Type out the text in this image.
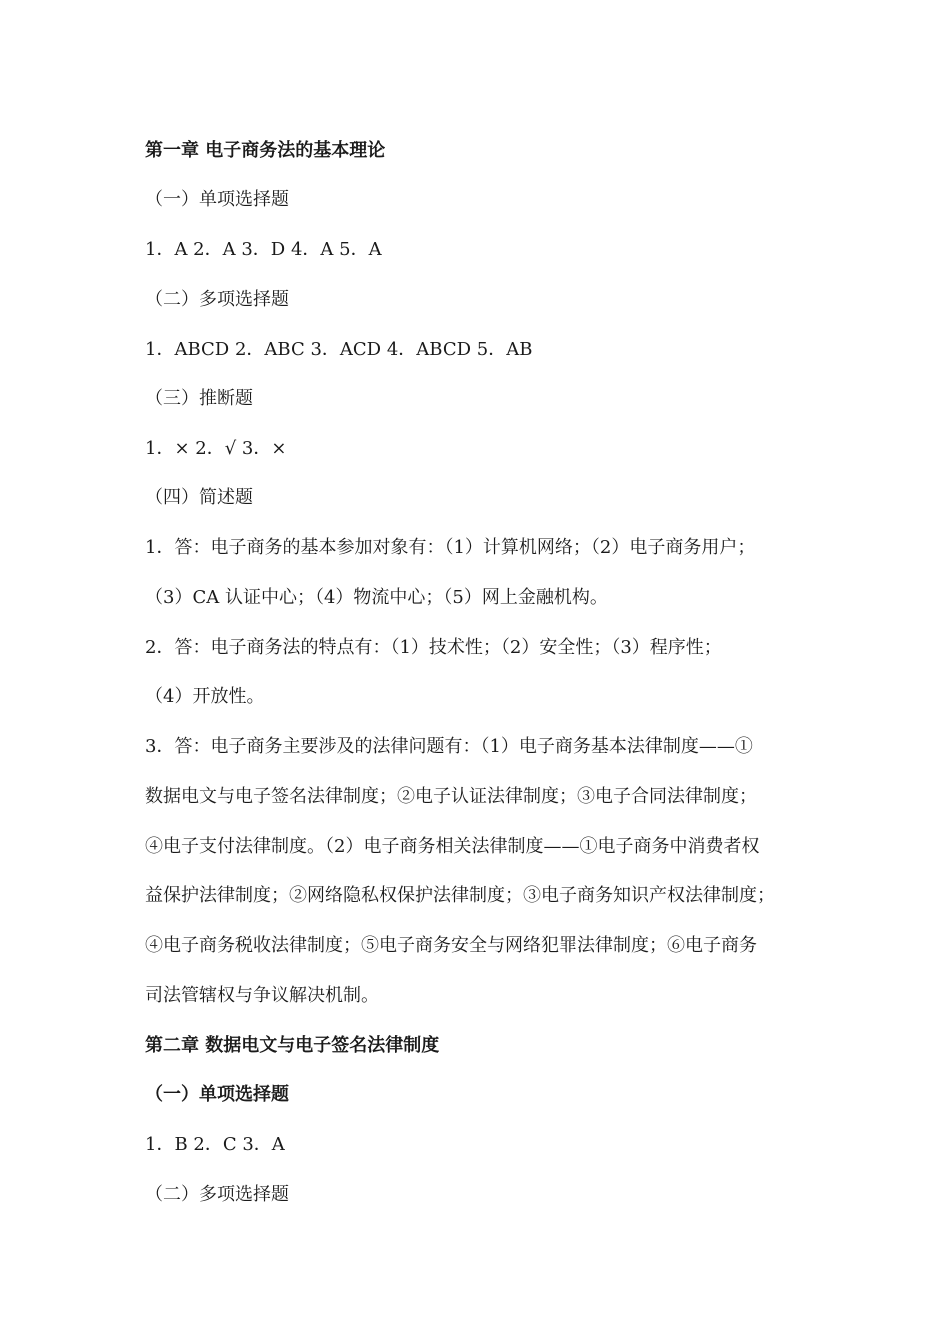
第一章 电子商务法的基本理论
（一）单项选择题
1．A 2．A 3．D 4．A 5．A
（二）多项选择题
1．ABCD 2．ABC 3．ACD 4．ABCD 5．AB
（三）推断题
1．× 2．√ 3．×
（四）简述题
1．答：电子商务的基本参加对象有：（1）计算机网络；（2）电子商务用户；
（3）CA 认证中心；（4）物流中心；（5）网上金融机构。
2．答：电子商务法的特点有：（1）技术性；（2）安全性；（3）程序性；
（4）开放性。
3．答：电子商务主要涉及的法律问题有：（1）电子商务基本法律制度——①
数据电文与电子签名法律制度；②电子认证法律制度；③电子合同法律制度；
④电子支付法律制度。（2）电子商务相关法律制度——①电子商务中消费者权
益保护法律制度；②网络隐私权保护法律制度；③电子商务知识产权法律制度；
④电子商务税收法律制度；⑤电子商务安全与网络犯罪法律制度；⑥电子商务
司法管辖权与争议解决机制。
第二章 数据电文与电子签名法律制度
（一）单项选择题
1．B 2．C 3．A
（二）多项选择题
